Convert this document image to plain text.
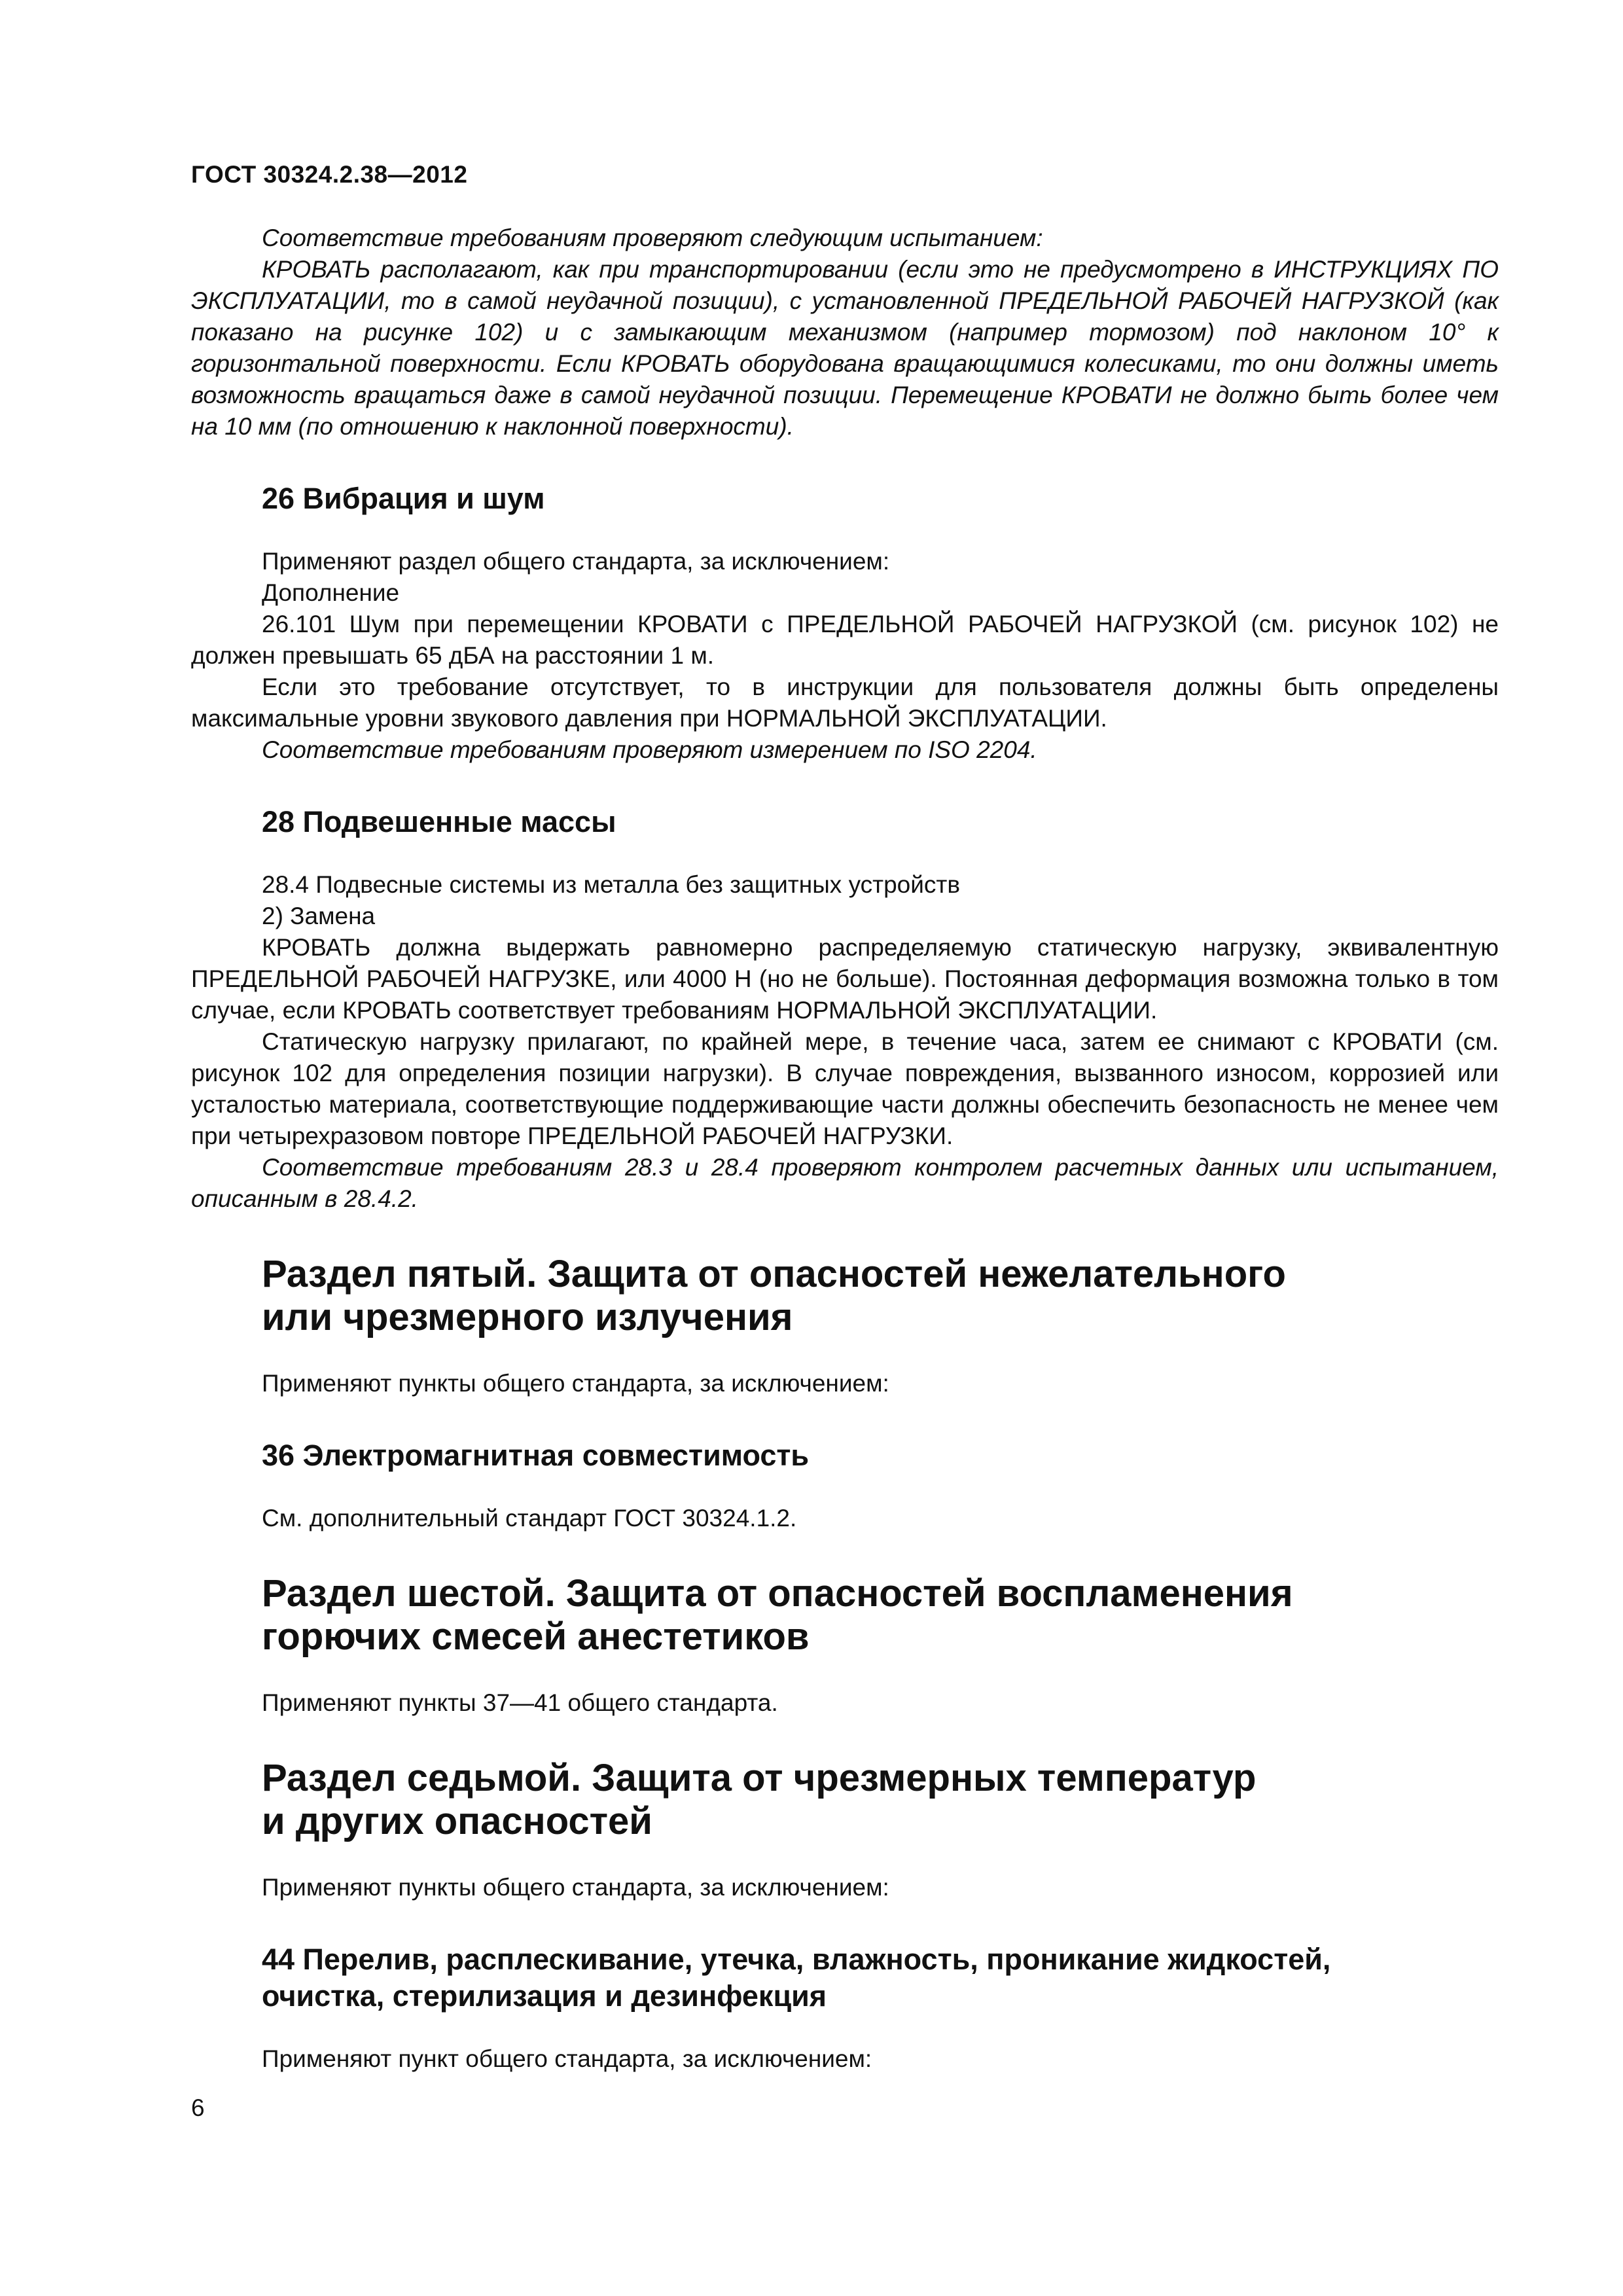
ГОСТ 30324.2.38—2012

Соответствие требованиям проверяют следующим испытанием:

КРОВАТЬ располагают, как при транспортировании (если это не предусмотрено в ИНСТРУКЦИЯХ ПО ЭКСПЛУАТАЦИИ, то в самой неудачной позиции), с установленной ПРЕДЕЛЬНОЙ РАБОЧЕЙ НАГРУЗКОЙ (как показано на рисунке 102) и с замыкающим механизмом (например тормозом) под наклоном 10° к горизонтальной поверхности. Если КРОВАТЬ оборудована вращающимися колесиками, то они должны иметь возможность вращаться даже в самой неудачной позиции. Перемещение КРОВАТИ не должно быть более чем на 10 мм (по отношению к наклонной поверхности).

26 Вибрация и шум

Применяют раздел общего стандарта, за исключением:

Дополнение

26.101 Шум при перемещении КРОВАТИ с ПРЕДЕЛЬНОЙ РАБОЧЕЙ НАГРУЗКОЙ (см. рисунок 102) не должен превышать 65 дБА на расстоянии 1 м.

Если это требование отсутствует, то в инструкции для пользователя должны быть определены максимальные уровни звукового давления при НОРМАЛЬНОЙ ЭКСПЛУАТАЦИИ.

Соответствие требованиям проверяют измерением по ISO 2204.

28 Подвешенные массы

28.4 Подвесные системы из металла без защитных устройств

2) Замена

КРОВАТЬ должна выдержать равномерно распределяемую статическую нагрузку, эквивалентную ПРЕДЕЛЬНОЙ РАБОЧЕЙ НАГРУЗКЕ, или 4000 Н (но не больше). Постоянная деформация возможна только в том случае, если КРОВАТЬ соответствует требованиям НОРМАЛЬНОЙ ЭКСПЛУАТАЦИИ.

Статическую нагрузку прилагают, по крайней мере, в течение часа, затем ее снимают с КРОВАТИ (см. рисунок 102 для определения позиции нагрузки). В случае повреждения, вызванного износом, коррозией или усталостью материала, соответствующие поддерживающие части должны обеспечить безопасность не менее чем при четырехразовом повторе ПРЕДЕЛЬНОЙ РАБОЧЕЙ НАГРУЗКИ.

Соответствие требованиям 28.3 и 28.4 проверяют контролем расчетных данных или испытанием, описанным в 28.4.2.

Раздел пятый. Защита от опасностей нежелательного
или чрезмерного излучения

Применяют пункты общего стандарта, за исключением:

36 Электромагнитная совместимость

См. дополнительный стандарт ГОСТ 30324.1.2.

Раздел шестой. Защита от опасностей воспламенения
горючих смесей анестетиков

Применяют пункты 37—41 общего стандарта.

Раздел седьмой. Защита от чрезмерных температур
и других опасностей

Применяют пункты общего стандарта, за исключением:

44 Перелив, расплескивание, утечка, влажность, проникание жидкостей,
очистка, стерилизация и дезинфекция

Применяют пункт общего стандарта, за исключением:

6
